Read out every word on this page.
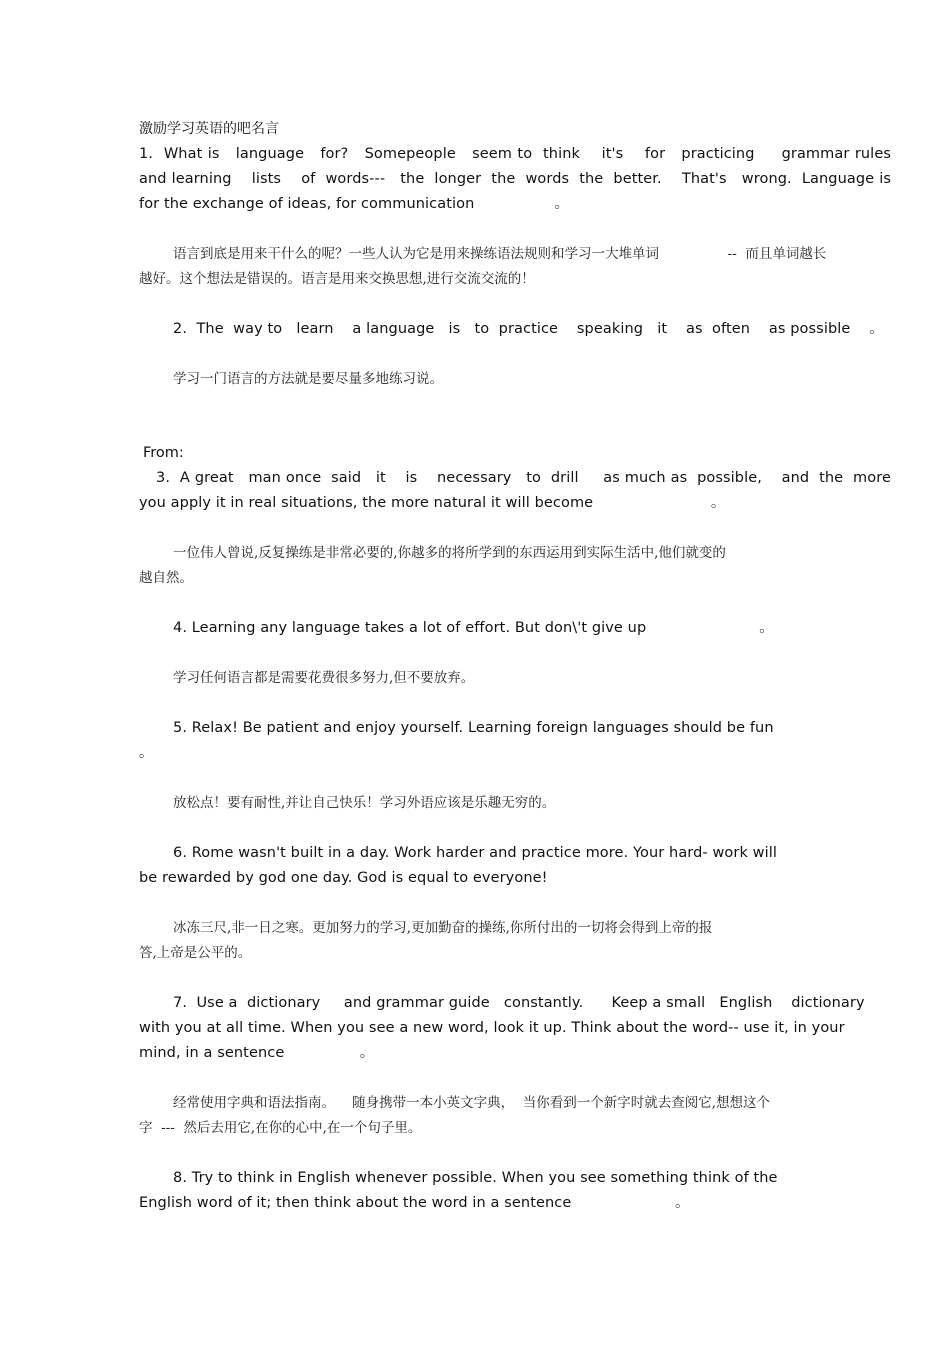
激励学习英语的吧名言

1.  What is   language   for?   Somepeople   seem to  think    it's    for   practicing     grammar rules and learning    lists    of  words---   the  longer  the  words  the  better.    That's   wrong.  Language is for the exchange of ideas, for communication                 。

语言到底是用来干什么的呢？一些人认为它是用来操练语法规则和学习一大堆单词                --  而且单词越长越好。这个想法是错误的。语言是用来交换思想,进行交流交流的！

2.  The  way to   learn    a language   is   to  practice    speaking   it    as  often    as possible    。

学习一门语言的方法就是要尽量多地练习说。

From:

3.  A great   man once  said   it    is    necessary   to  drill     as much as  possible,    and  the  more you apply it in real situations, the more natural it will become                         。

一位伟人曾说,反复操练是非常必要的,你越多的将所学到的东西运用到实际生活中,他们就变的越自然。

4. Learning any language takes a lot of effort. But don\'t give up                        。

学习任何语言都是需要花费很多努力,但不要放弃。

5. Relax! Be patient and enjoy yourself. Learning foreign languages should be fun 。

放松点！要有耐性,并让自己快乐！学习外语应该是乐趣无穷的。

6. Rome wasn't built in a day. Work harder and practice more. Your hard- work will be rewarded by god one day. God is equal to everyone!

冰冻三尺,非一日之寒。更加努力的学习,更加勤奋的操练,你所付出的一切将会得到上帝的报答,上帝是公平的。

7.  Use a  dictionary     and grammar guide   constantly.      Keep a small   English    dictionary with you at all time. When you see a new word, look it up. Think about the word-- use it, in your mind, in a sentence                。

经常使用字典和语法指南。    随身携带一本小英文字典，  当你看到一个新字时就去查阅它,想想这个字  ---  然后去用它,在你的心中,在一个句子里。

8. Try to think in English whenever possible. When you see something think of the English word of it; then think about the word in a sentence                      。
